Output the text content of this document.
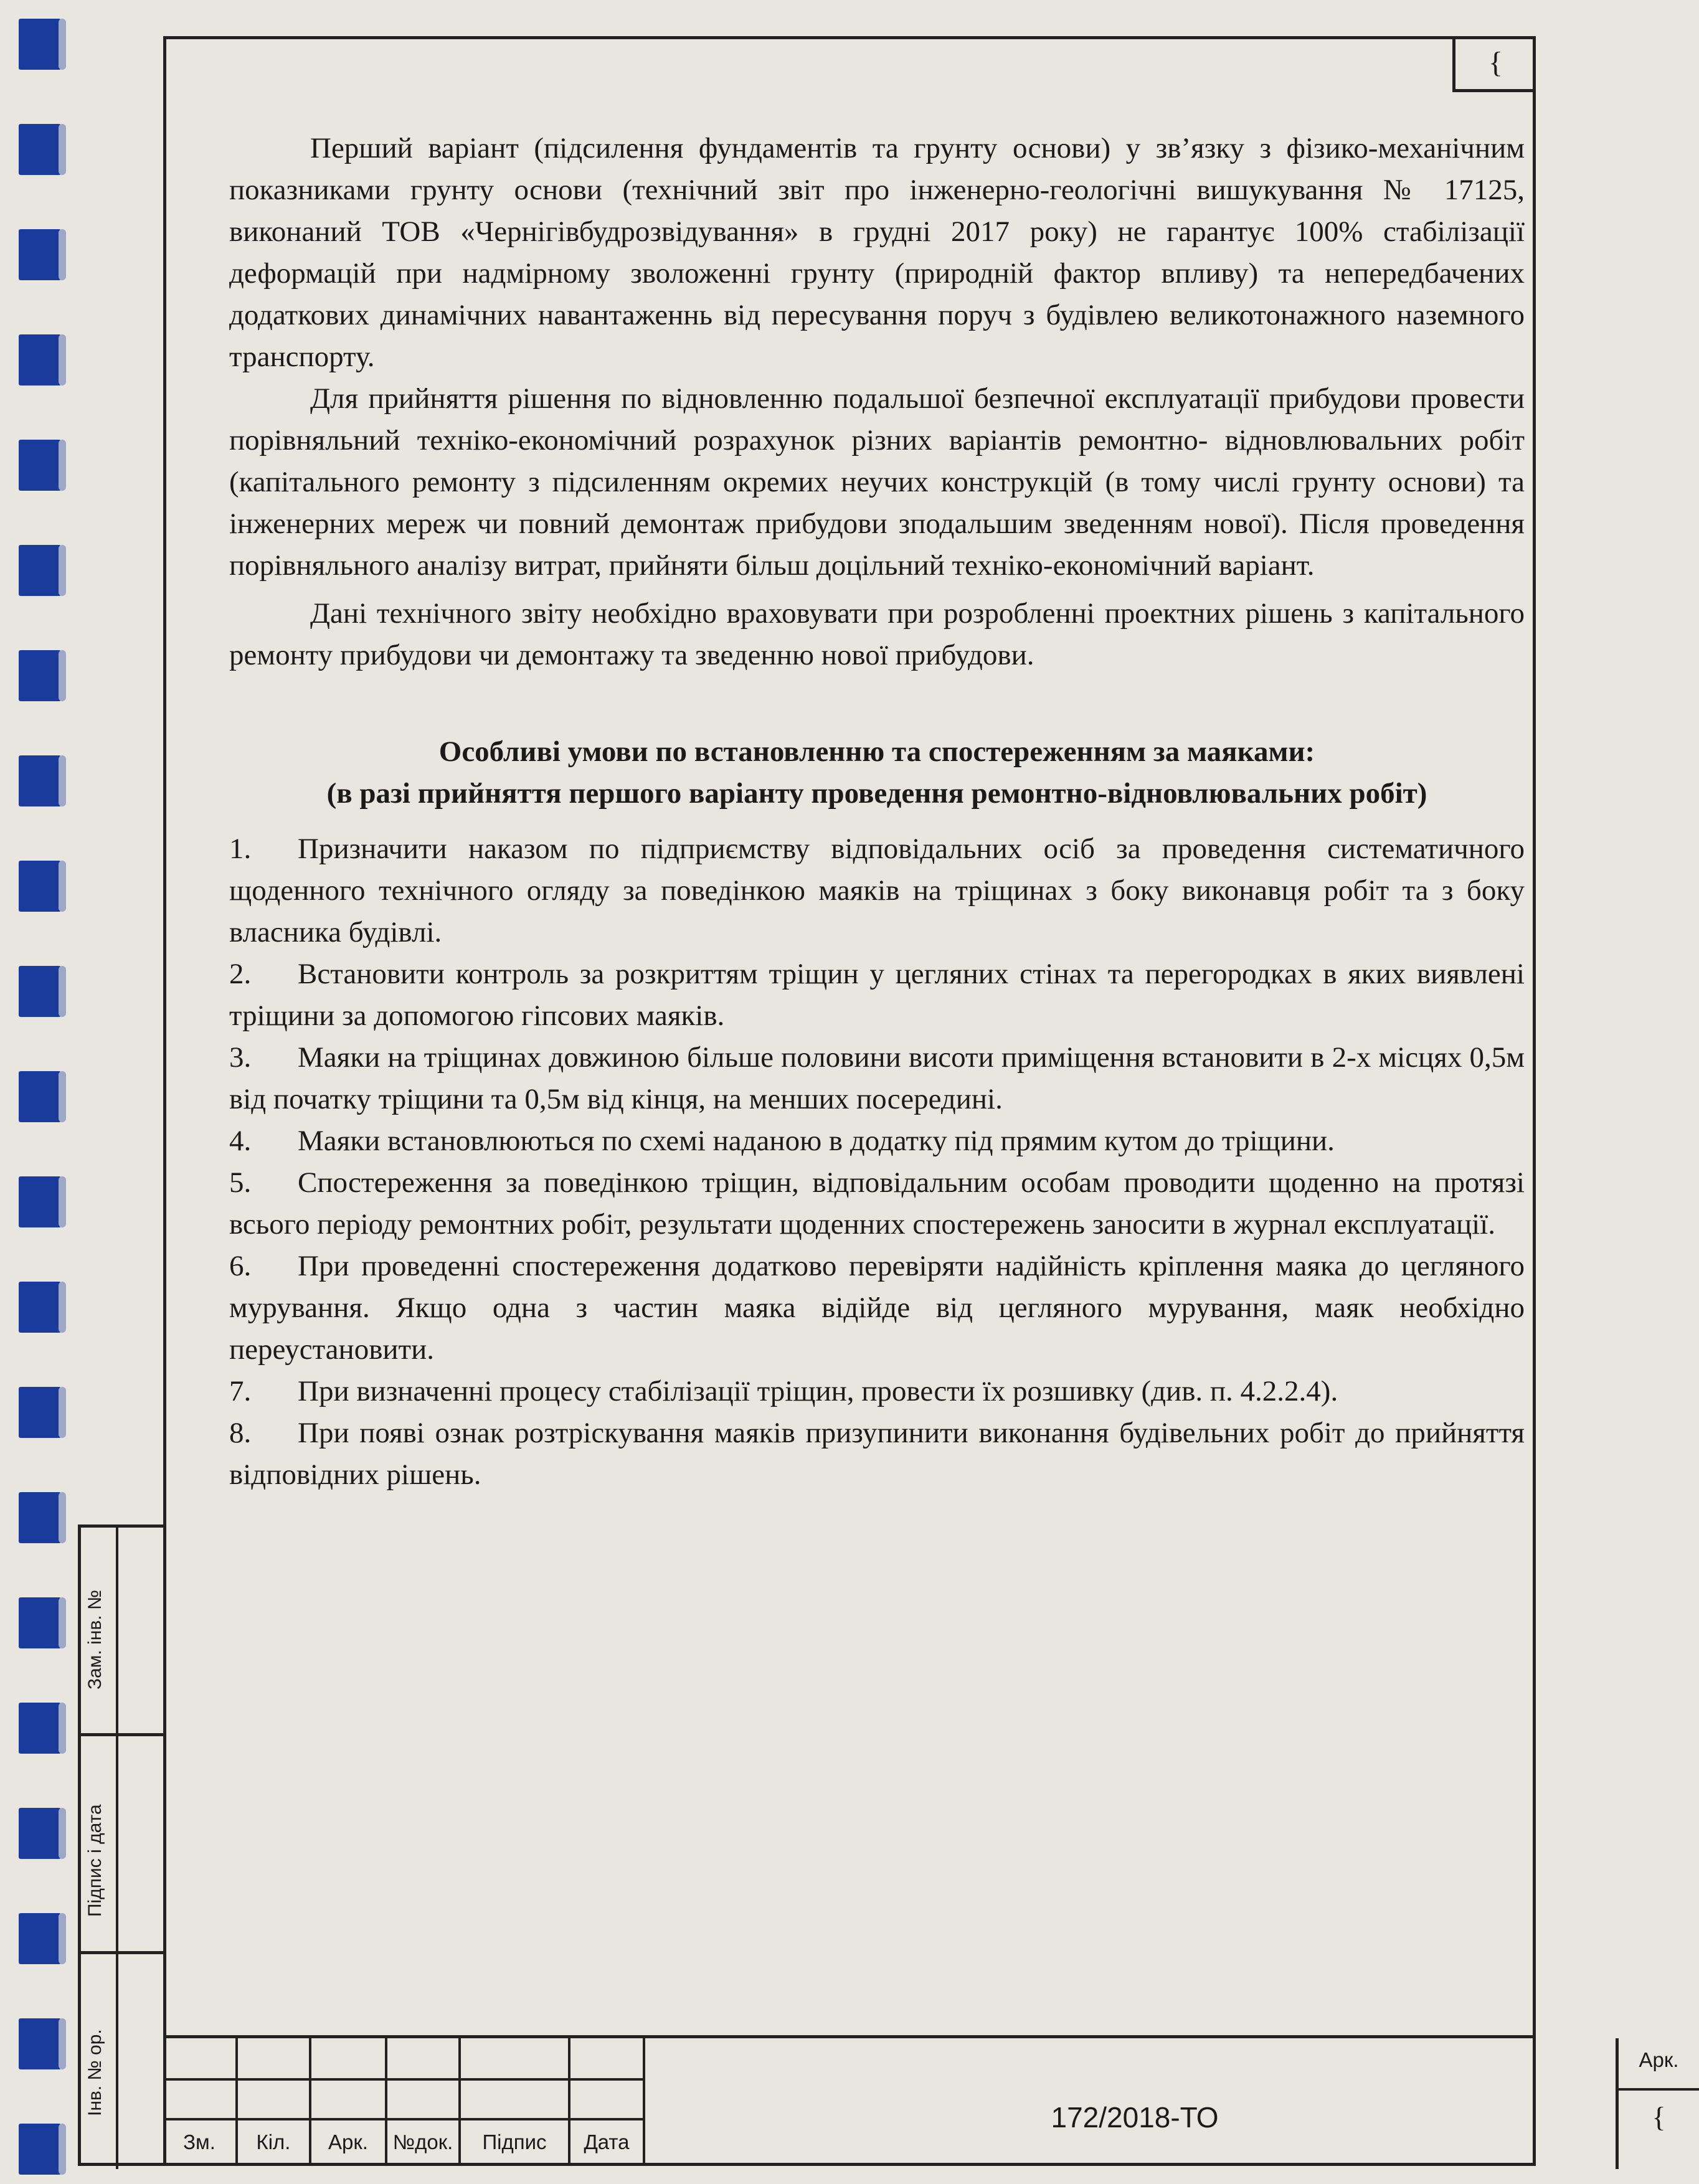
{
Зам. інв. №
Підпис і дата
Інв. № ор.

Перший варіант (підсилення фундаментів та грунту основи) у зв’язку з фізико-механічним показниками грунту основи (технічний звіт про інженерно-геологічні вишукування № 17125, виконаний ТОВ «Чернігівбудрозвідування» в грудні 2017 року) не гарантує 100% стабілізації деформацій при надмірному зволоженні грунту (природній фактор впливу) та непередбачених додаткових динамічних навантаженнь від пересування поруч з будівлею великотонажного наземного транспорту.

Для прийняття рішення по відновленню подальшої безпечної експлуатації прибудови провести порівняльний техніко-економічний розрахунок різних варіантів ремонтно- відновлювальних робіт (капітального ремонту з підсиленням окремих неучих конструкцій (в тому числі грунту основи) та інженерних мереж чи повний демонтаж прибудови зподальшим зведенням нової). Після проведення порівняльного аналізу витрат, прийняти більш доцільний техніко-економічний варіант.

Дані технічного звіту необхідно враховувати при розробленні проектних рішень з капітального ремонту прибудови чи демонтажу та зведенню нової прибудови.

Особливі умови по встановленню та спостереженням за маяками:

(в разі прийняття першого варіанту проведення ремонтно-відновлювальних робіт)

1. Призначити наказом по підприємству відповідальних осіб за проведення систематичного щоденного технічного огляду за поведінкою маяків на тріщинах з боку виконавця робіт та з боку власника будівлі.

2. Встановити контроль за розкриттям тріщин у цегляних стінах та перегородках в яких виявлені тріщини за допомогою гіпсових маяків.

3. Маяки на тріщинах довжиною більше половини висоти приміщення встановити в 2-х місцях 0,5м від початку тріщини та 0,5м від кінця, на менших посередині.

4. Маяки встановлюються по схемі наданою в додатку під прямим кутом до тріщини.

5. Спостереження за поведінкою тріщин, відповідальним особам проводити щоденно на протязі всього періоду ремонтних робіт, результати щоденних спостережень заносити в журнал експлуатації.

6. При проведенні спостереження додатково перевіряти надійність кріплення маяка до цегляного мурування. Якщо одна з частин маяка відійде від цегляного мурування, маяк необхідно переустановити.

7. При визначенні процесу стабілізації тріщин, провести їх розшивку (див. п. 4.2.2.4).

8. При появі ознак розтріскування маяків призупинити виконання будівельних робіт до прийняття відповідних рішень.

Зм.	Кіл.	Арк.	№док.	Підпис	Дата
172/2018-ТО
Арк.
{
